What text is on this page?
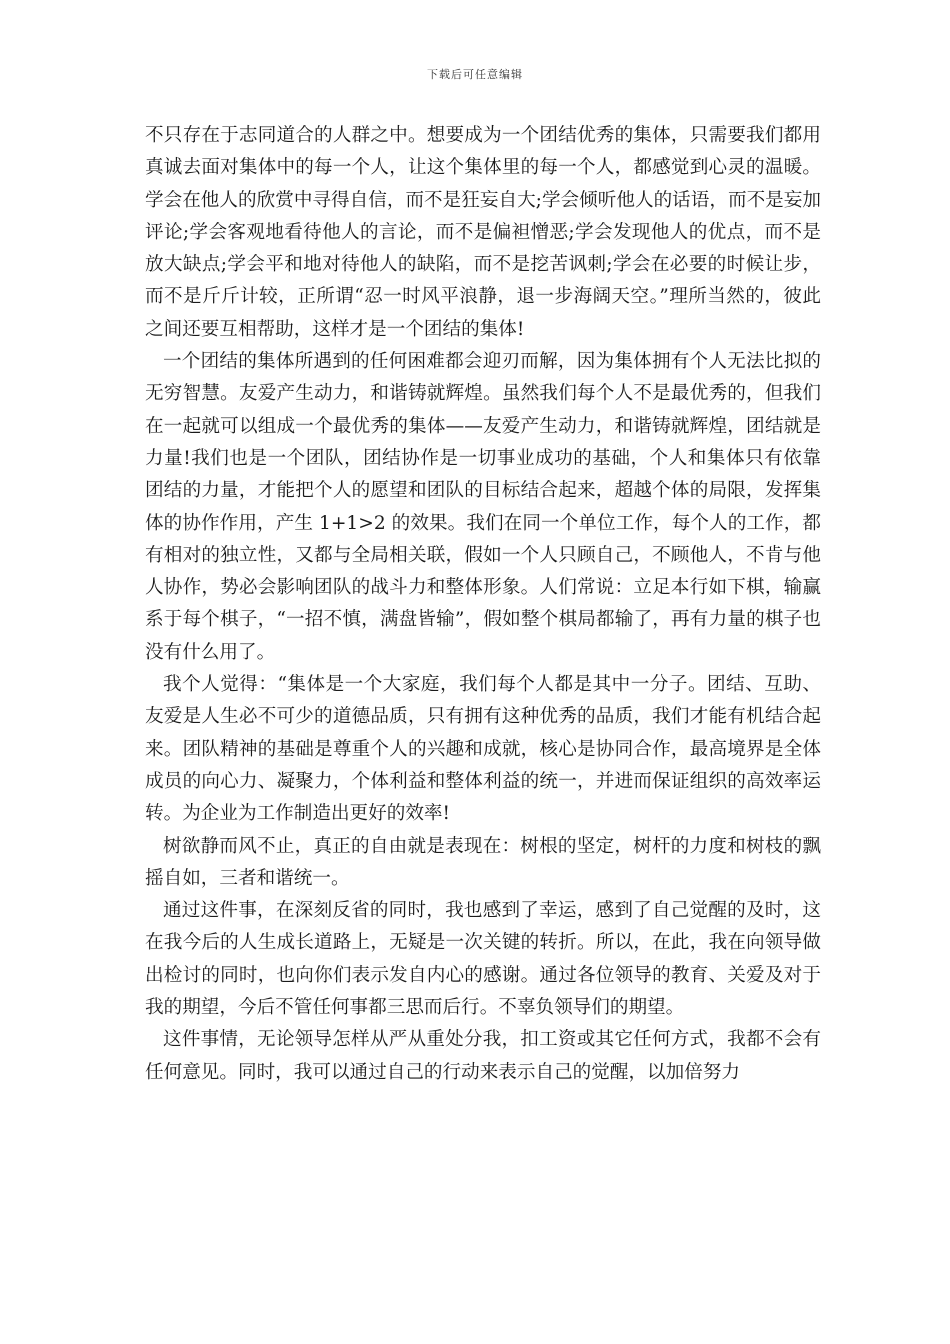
下载后可任意编辑

不只存在于志同道合的人群之中。想要成为一个团结优秀的集体，只需要我们都用真诚去面对集体中的每一个人，让这个集体里的每一个人，都感觉到心灵的温暖。学会在他人的欣赏中寻得自信，而不是狂妄自大;学会倾听他人的话语，而不是妄加评论;学会客观地看待他人的言论，而不是偏袒憎恶;学会发现他人的优点，而不是放大缺点;学会平和地对待他人的缺陷，而不是挖苦讽刺;学会在必要的时候让步，而不是斤斤计较，正所谓“忍一时风平浪静，退一步海阔天空。”理所当然的，彼此之间还要互相帮助，这样才是一个团结的集体!

一个团结的集体所遇到的任何困难都会迎刃而解，因为集体拥有个人无法比拟的无穷智慧。友爱产生动力，和谐铸就辉煌。虽然我们每个人不是最优秀的，但我们在一起就可以组成一个最优秀的集体——友爱产生动力，和谐铸就辉煌，团结就是力量!我们也是一个团队，团结协作是一切事业成功的基础，个人和集体只有依靠团结的力量，才能把个人的愿望和团队的目标结合起来，超越个体的局限，发挥集体的协作作用，产生 1+1>2 的效果。我们在同一个单位工作，每个人的工作，都有相对的独立性，又都与全局相关联，假如一个人只顾自己，不顾他人，不肯与他人协作，势必会影响团队的战斗力和整体形象。人们常说：立足本行如下棋，输赢系于每个棋子，“一招不慎，满盘皆输”，假如整个棋局都输了，再有力量的棋子也没有什么用了。

我个人觉得：“集体是一个大家庭，我们每个人都是其中一分子。团结、互助、友爱是人生必不可少的道德品质，只有拥有这种优秀的品质，我们才能有机结合起来。团队精神的基础是尊重个人的兴趣和成就，核心是协同合作，最高境界是全体成员的向心力、凝聚力，个体利益和整体利益的统一，并进而保证组织的高效率运转。为企业为工作制造出更好的效率!

树欲静而风不止，真正的自由就是表现在：树根的坚定，树杆的力度和树枝的飘摇自如，三者和谐统一。

通过这件事，在深刻反省的同时，我也感到了幸运，感到了自己觉醒的及时，这在我今后的人生成长道路上，无疑是一次关键的转折。所以，在此，我在向领导做出检讨的同时，也向你们表示发自内心的感谢。通过各位领导的教育、关爱及对于我的期望，今后不管任何事都三思而后行。不辜负领导们的期望。

这件事情，无论领导怎样从严从重处分我，扣工资或其它任何方式，我都不会有任何意见。同时，我可以通过自己的行动来表示自己的觉醒，以加倍努力
